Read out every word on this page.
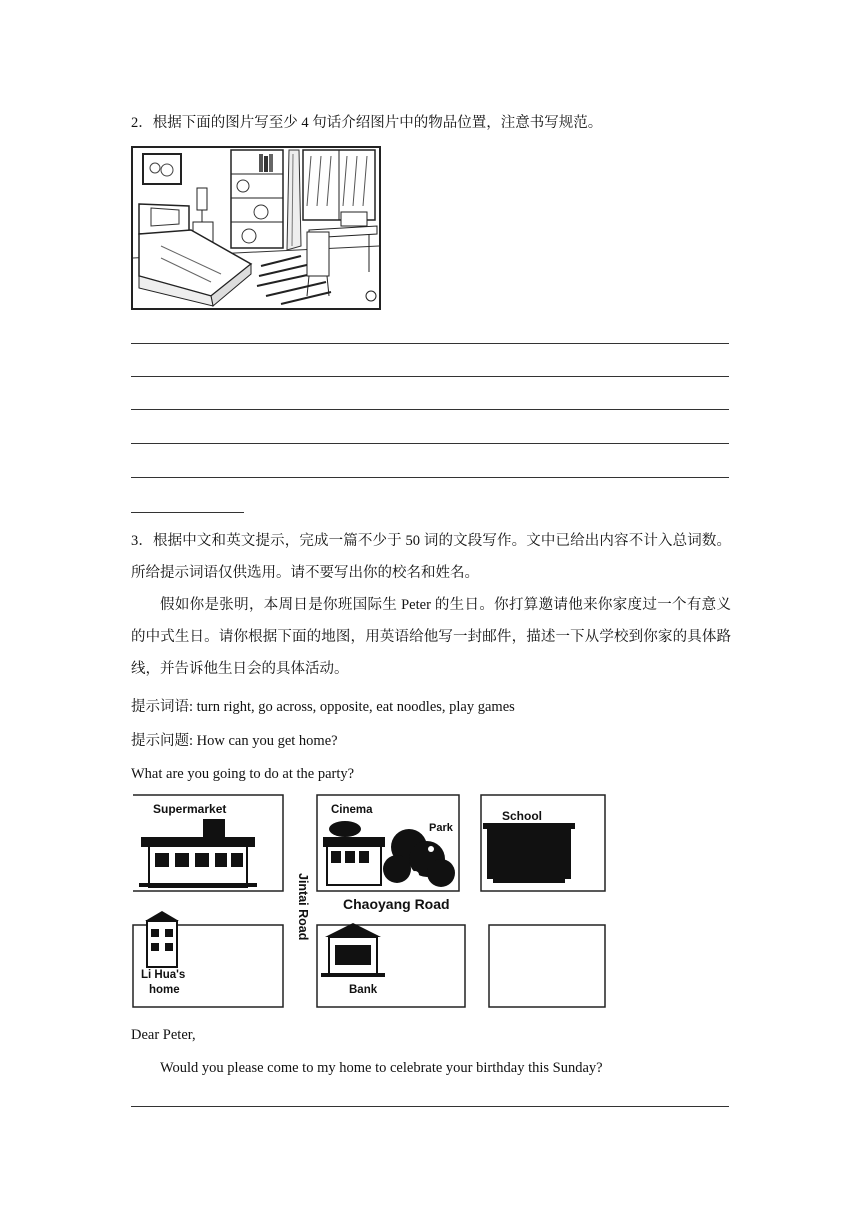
2．根据下面的图片写至少 4 句话介绍图片中的物品位置，注意书写规范。
3．根据中文和英文提示，完成一篇不少于 50 词的文段写作。文中已给出内容不计入总词数。所给提示词语仅供选用。请不要写出你的校名和姓名。
假如你是张明，本周日是你班国际生 Peter 的生日。你打算邀请他来你家度过一个有意义的中式生日。请你根据下面的地图，用英语给他写一封邮件，描述一下从学校到你家的具体路线，并告诉他生日会的具体活动。
提示词语: turn right, go across, opposite, eat noodles, play games
提示问题: How can you get home?
What are you going to do at the party?
Supermarket	Cinema
Park
School
Jintai Road Chaoyang Road
Li Hua's
home	Bank
Dear Peter,
Would you please come to my home to celebrate your birthday this Sunday?
